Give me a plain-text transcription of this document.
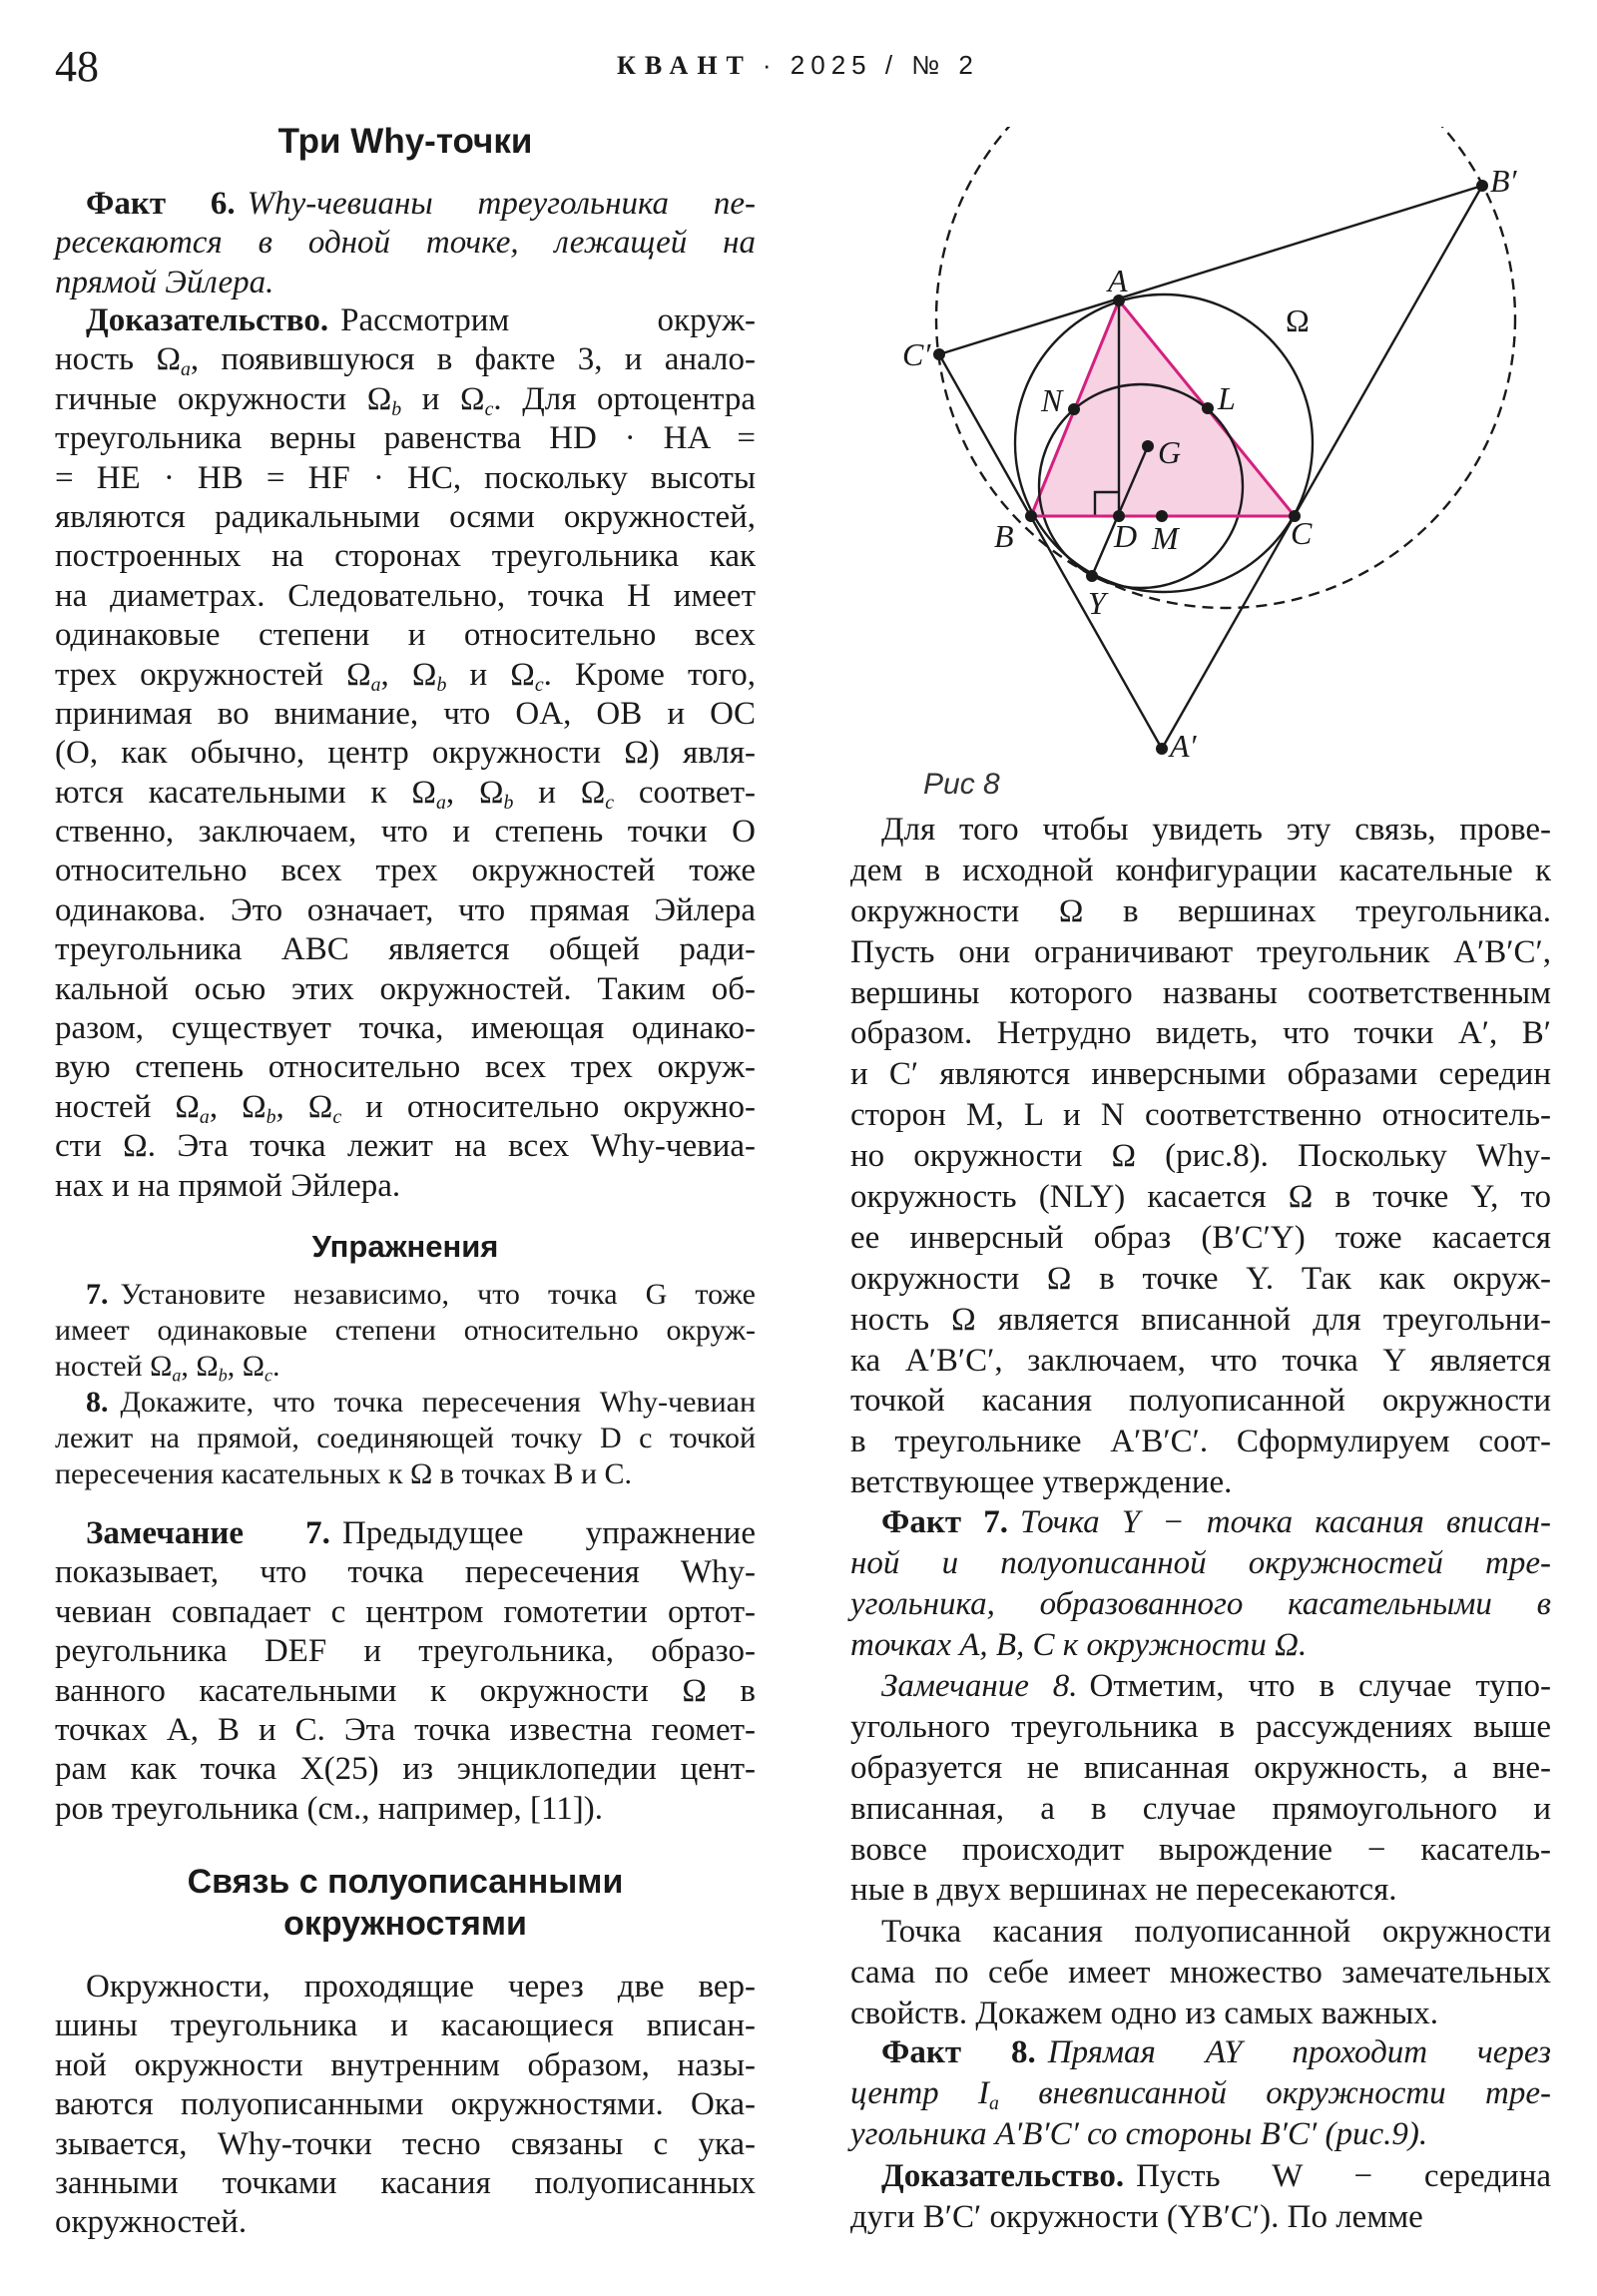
48	КВАНТ · 2025 / № 2
Три Why-точки
Факт 6. Why-чевианы треугольника пе-
ресекаются в одной точке, лежащей на
прямой Эйлера.
Доказательство. Рассмотрим окруж-
ность $\Omega_a$, появившуюся в факте 3, и анало-
гичные окружности $\Omega_b$ и $\Omega_c$. Для ортоцентра
треугольника верны равенства HD · HA =
= HE · HB = HF · HC, поскольку высоты
являются радикальными осями окружностей,
построенных на сторонах треугольника как
на диаметрах. Следовательно, точка H имеет
одинаковые степени и относительно всех
трех окружностей $\Omega_a$, $\Omega_b$ и $\Omega_c$. Кроме того,
принимая во внимание, что OA, OB и OC
(O, как обычно, центр окружности Ω) явля-
ются касательными к $\Omega_a$, $\Omega_b$ и $\Omega_c$ соответ-
ственно, заключаем, что и степень точки O
относительно всех трех окружностей тоже
одинакова. Это означает, что прямая Эйлера
треугольника ABC является общей ради-
кальной осью этих окружностей. Таким об-
разом, существует точка, имеющая одинако-
вую степень относительно всех трех окруж-
ностей $\Omega_a$, $\Omega_b$, $\Omega_c$ и относительно окружно-
сти Ω. Эта точка лежит на всех Why-чевиа-
нах и на прямой Эйлера.
Упражнения
7. Установите независимо, что точка G тоже
имеет одинаковые степени относительно окруж-
ностей $\Omega_a$, $\Omega_b$, $\Omega_c$.
8. Докажите, что точка пересечения Why-чевиан
лежит на прямой, соединяющей точку D с точкой
пересечения касательных к Ω в точках B и C.
Замечание 7. Предыдущее упражнение
показывает, что точка пересечения Why-
чевиан совпадает с центром гомотетии ортот-
реугольника DEF и треугольника, образо-
ванного касательными к окружности Ω в
точках A, B и C. Эта точка известна геомет-
рам как точка X(25) из энциклопедии цент-
ров треугольника (см., например, [11]).
Связь с полуописанными
окружностями
Окружности, проходящие через две вер-
шины треугольника и касающиеся вписан-
ной окружности внутренним образом, назы-
ваются полуописанными окружностями. Ока-
зывается, Why-точки тесно связаны с ука-
занными точками касания полуописанных
окружностей.
A
B	C
D M
N	L
G
Y
A′
B′
C′
Ω
Рис 8
Для того чтобы увидеть эту связь, прове-
дем в исходной конфигурации касательные к
окружности Ω в вершинах треугольника.
Пусть они ограничивают треугольник A′B′C′,
вершины которого названы соответственным
образом. Нетрудно видеть, что точки A′, B′
и C′ являются инверсными образами середин
сторон M, L и N соответственно относитель-
но окружности Ω (рис.8). Поскольку Why-
окружность (NLY) касается Ω в точке Y, то
ее инверсный образ (B′C′Y) тоже касается
окружности Ω в точке Y. Так как окруж-
ность Ω является вписанной для треугольни-
ка A′B′C′, заключаем, что точка Y является
точкой касания полуописанной окружности
в треугольнике A′B′C′. Сформулируем соот-
ветствующее утверждение.
Факт 7. Точка Y − точка касания вписан-
ной и полуописанной окружностей тре-
угольника, образованного касательными в
точках A, B, C к окружности Ω.
Замечание 8. Отметим, что в случае тупо-
угольного треугольника в рассуждениях выше
образуется не вписанная окружность, а вне-
вписанная, а в случае прямоугольного и
вовсе происходит вырождение − касатель-
ные в двух вершинах не пересекаются.
Точка касания полуописанной окружности
сама по себе имеет множество замечательных
свойств. Докажем одно из самых важных.
Факт 8. Прямая AY проходит через
центр $I_a$ вневписанной окружности тре-
угольника A′B′C′ со стороны B′C′ (рис.9).
Доказательство. Пусть W − середина
дуги B′C′ окружности (YB′C′). По лемме
